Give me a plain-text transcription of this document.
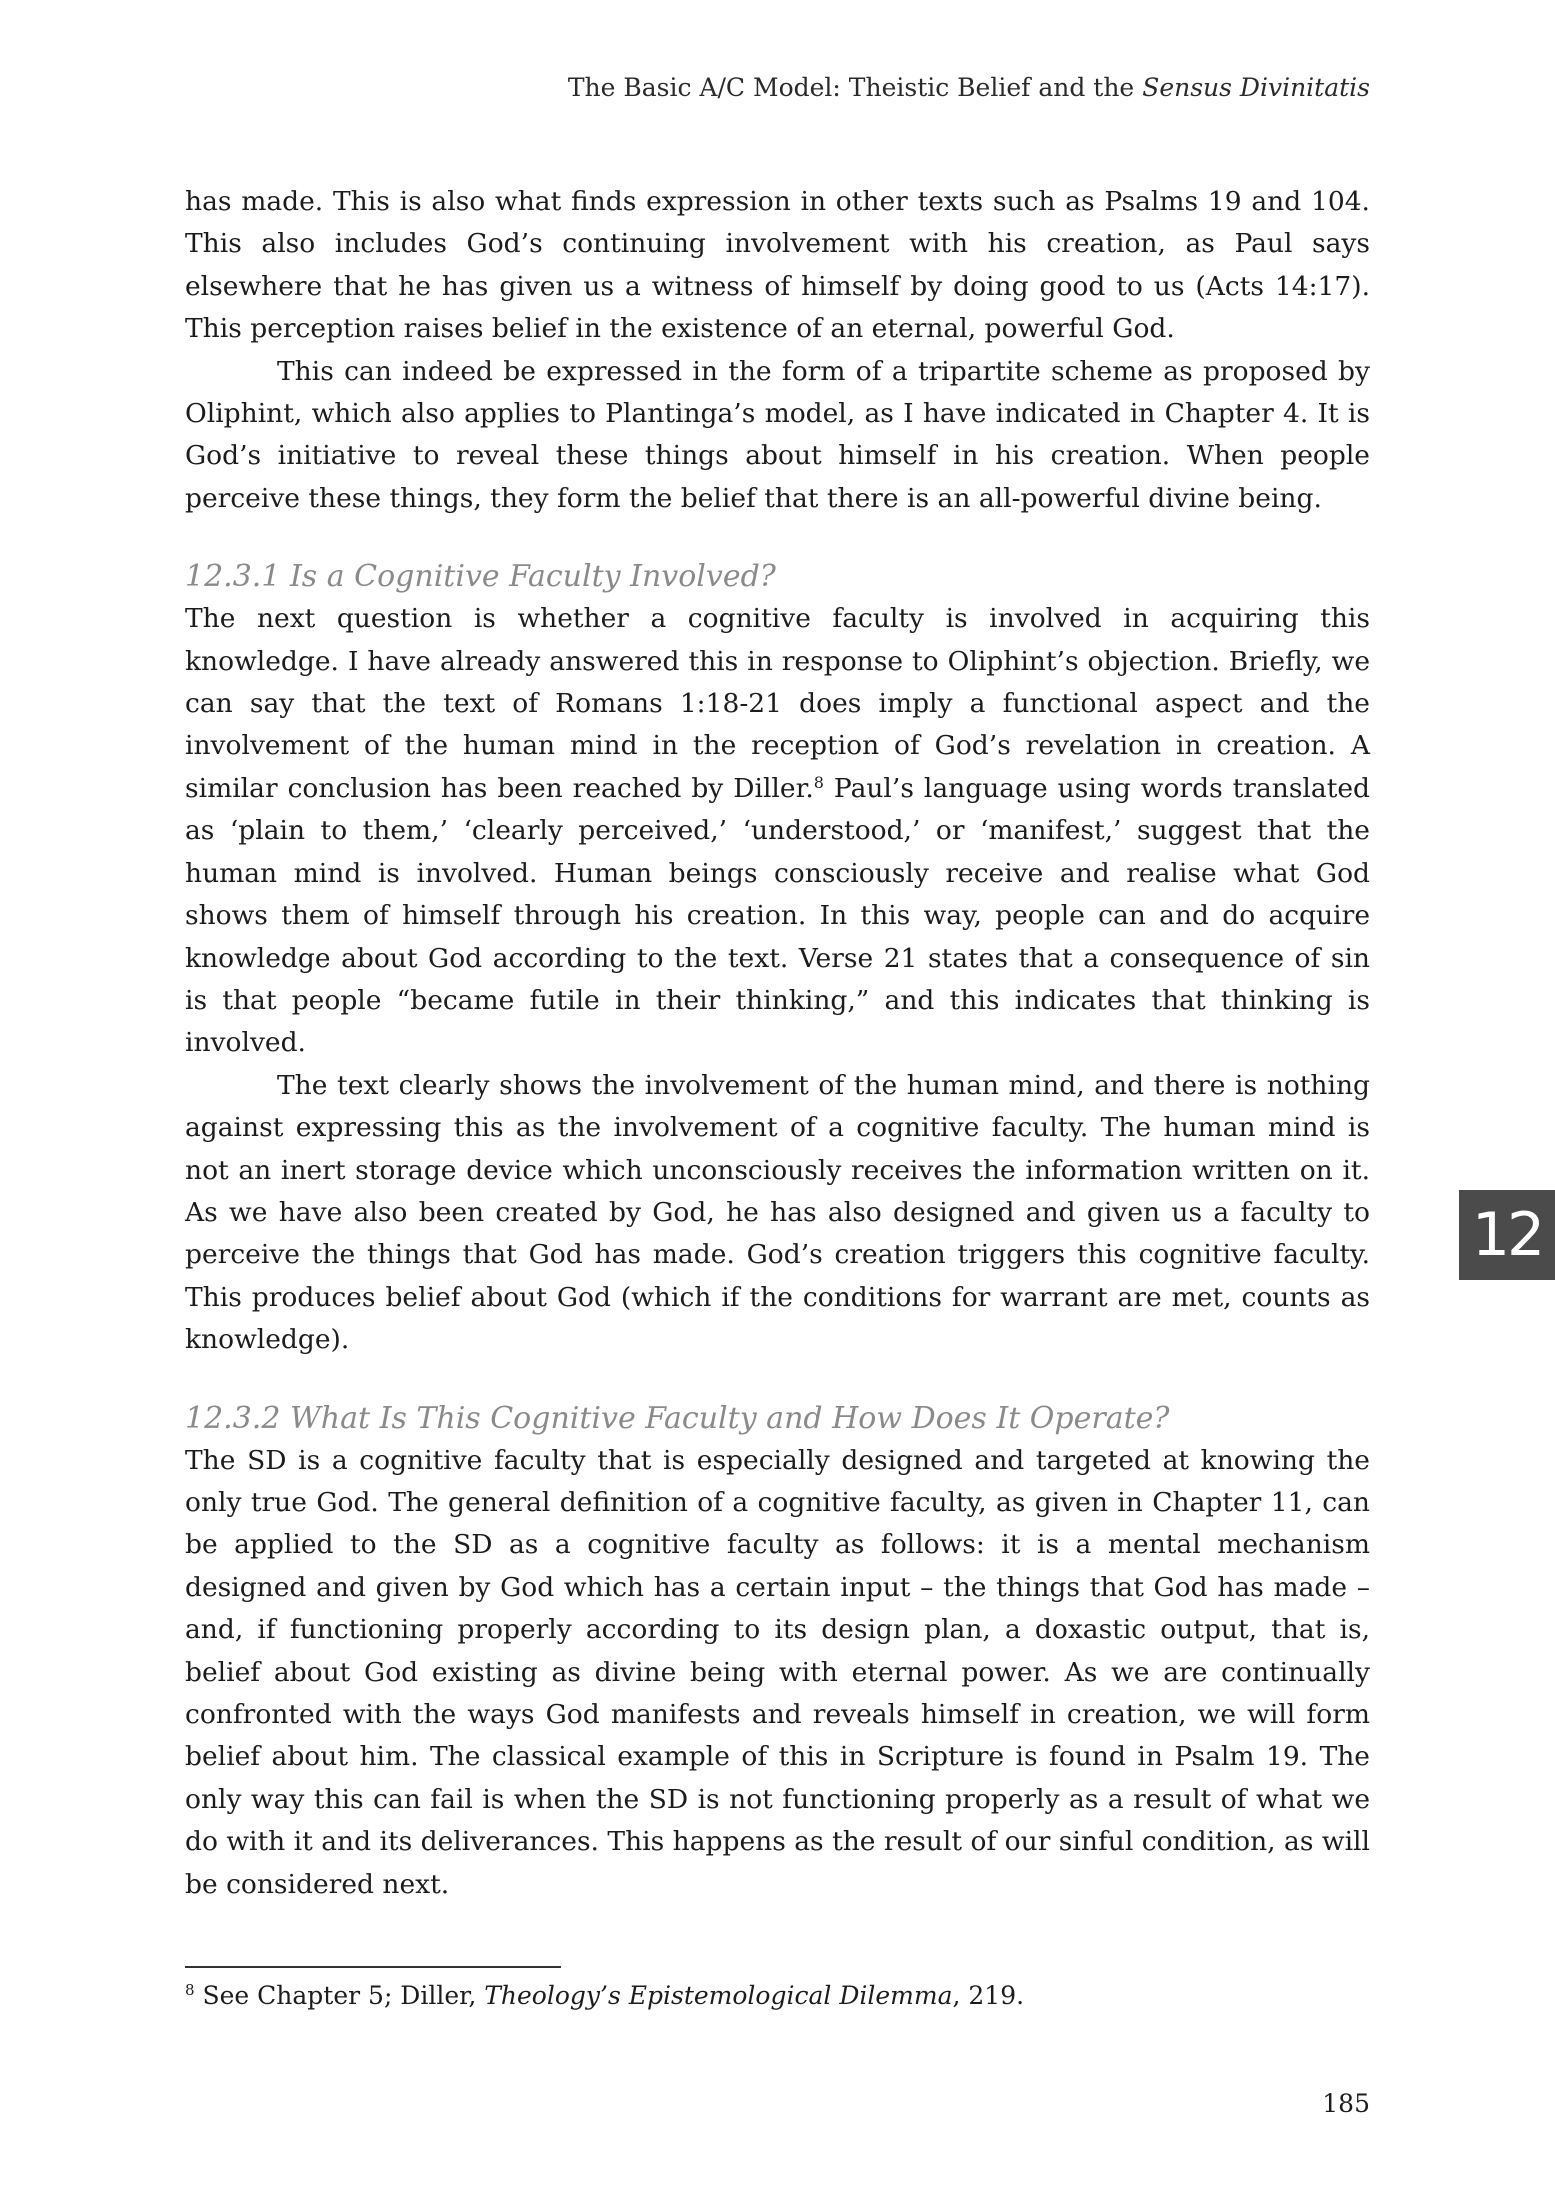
The Basic A/C Model: Theistic Belief and the Sensus Divinitatis

has made. This is also what finds expression in other texts such as Psalms 19 and 104. This also includes God’s continuing involvement with his creation, as Paul says elsewhere that he has given us a witness of himself by doing good to us (Acts 14:17). This perception raises belief in the existence of an eternal, powerful God.

This can indeed be expressed in the form of a tripartite scheme as proposed by Oliphint, which also applies to Plantinga’s model, as I have indicated in Chapter 4. It is God’s initiative to reveal these things about himself in his creation. When people perceive these things, they form the belief that there is an all-powerful divine being.

12.3.1 Is a Cognitive Faculty Involved?

The next question is whether a cognitive faculty is involved in acquiring this knowledge. I have already answered this in response to Oliphint’s objection. Briefly, we can say that the text of Romans 1:18-21 does imply a functional aspect and the involvement of the human mind in the reception of God’s revelation in creation. A similar conclusion has been reached by Diller.$^8$ Paul’s language using words translated as ‘plain to them,’ ‘clearly perceived,’ ‘understood,’ or ‘manifest,’ suggest that the human mind is involved. Human beings consciously receive and realise what God shows them of himself through his creation. In this way, people can and do acquire knowledge about God according to the text. Verse 21 states that a consequence of sin is that people “became futile in their thinking,” and this indicates that thinking is involved.

The text clearly shows the involvement of the human mind, and there is nothing against expressing this as the involvement of a cognitive faculty. The human mind is not an inert storage device which unconsciously receives the information written on it. As we have also been created by God, he has also designed and given us a faculty to perceive the things that God has made. God’s creation triggers this cognitive faculty. This produces belief about God (which if the conditions for warrant are met, counts as knowledge).

12.3.2 What Is This Cognitive Faculty and How Does It Operate?

The SD is a cognitive faculty that is especially designed and targeted at knowing the only true God. The general definition of a cognitive faculty, as given in Chapter 11, can be applied to the SD as a cognitive faculty as follows: it is a mental mechanism designed and given by God which has a certain input – the things that God has made – and, if functioning properly according to its design plan, a doxastic output, that is, belief about God existing as divine being with eternal power. As we are continually confronted with the ways God manifests and reveals himself in creation, we will form belief about him. The classical example of this in Scripture is found in Psalm 19. The only way this can fail is when the SD is not functioning properly as a result of what we do with it and its deliverances. This happens as the result of our sinful condition, as will be considered next.

12
$^8$ See Chapter 5; Diller, Theology’s Epistemological Dilemma, 219.
185
